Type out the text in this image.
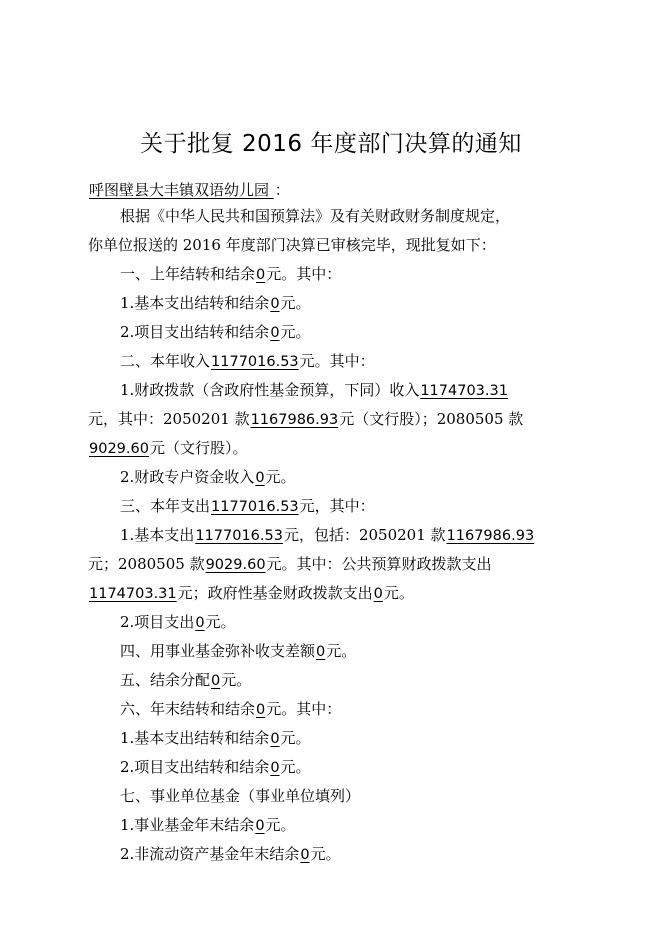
关于批复 2016 年度部门决算的通知
呼图壁县大丰镇双语幼儿园 ：
根据《中华人民共和国预算法》及有关财政财务制度规定，
你单位报送的 2016 年度部门决算已审核完毕，现批复如下：
一、上年结转和结余0元。其中：
1.基本支出结转和结余0元。
2.项目支出结转和结余0元。
二、本年收入1177016.53元。其中：
1.财政拨款（含政府性基金预算，下同）收入1174703.31
元，其中：2050201 款1167986.93元（文行股）；2080505 款
9029.60元（文行股）。
2.财政专户资金收入0元。
三、本年支出1177016.53元，其中：
1.基本支出1177016.53元，包括：2050201 款1167986.93
元；2080505 款9029.60元。其中：公共预算财政拨款支出
1174703.31元；政府性基金财政拨款支出0元。
2.项目支出0元。
四、用事业基金弥补收支差额0元。
五、结余分配0元。
六、年末结转和结余0元。其中：
1.基本支出结转和结余0元。
2.项目支出结转和结余0元。
七、事业单位基金（事业单位填列）
1.事业基金年末结余0元。
2.非流动资产基金年末结余0元。
